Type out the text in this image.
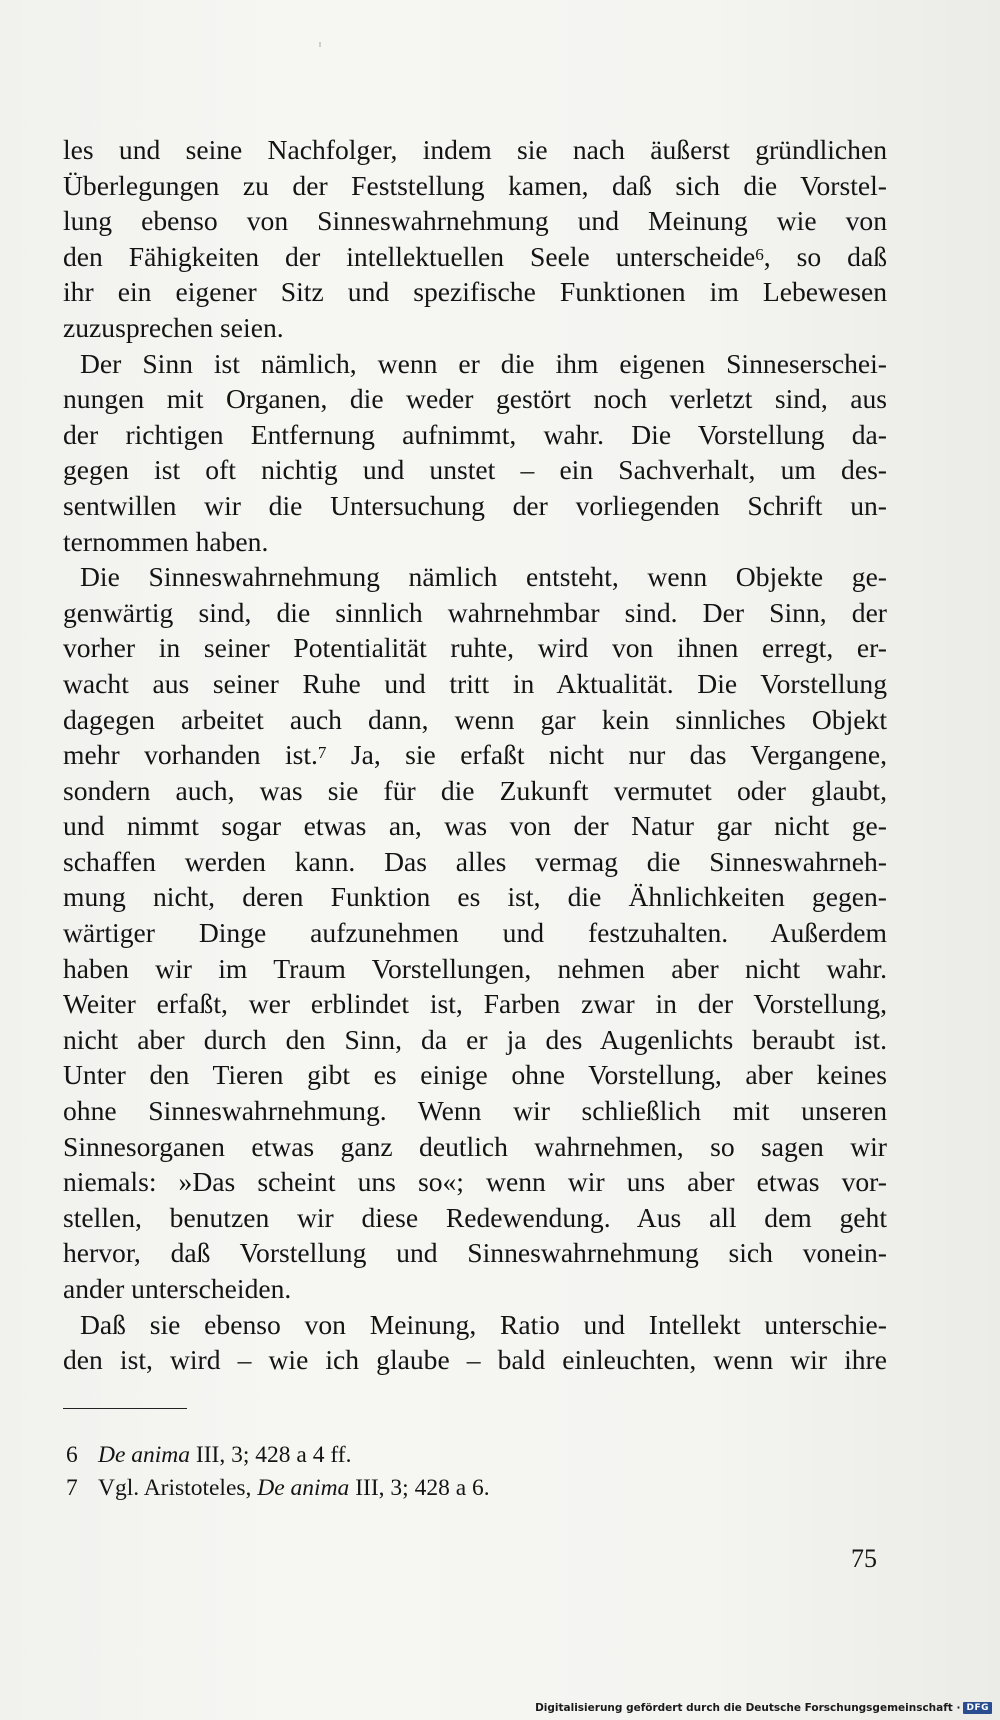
les und seine Nachfolger, indem sie nach äußerst gründlichen
Überlegungen zu der Feststellung kamen, daß sich die Vorstel-
lung ebenso von Sinneswahrnehmung und Meinung wie von
den Fähigkeiten der intellektuellen Seele unterscheide$^6$, so daß
ihr ein eigener Sitz und spezifische Funktionen im Lebewesen
zuzusprechen seien.

Der Sinn ist nämlich, wenn er die ihm eigenen Sinneserschei-
nungen mit Organen, die weder gestört noch verletzt sind, aus
der richtigen Entfernung aufnimmt, wahr. Die Vorstellung da-
gegen ist oft nichtig und unstet – ein Sachverhalt, um des-
sentwillen wir die Untersuchung der vorliegenden Schrift un-
ternommen haben.

Die Sinneswahrnehmung nämlich entsteht, wenn Objekte ge-
genwärtig sind, die sinnlich wahrnehmbar sind. Der Sinn, der
vorher in seiner Potentialität ruhte, wird von ihnen erregt, er-
wacht aus seiner Ruhe und tritt in Aktualität. Die Vorstellung
dagegen arbeitet auch dann, wenn gar kein sinnliches Objekt
mehr vorhanden ist.$^7$ Ja, sie erfaßt nicht nur das Vergangene,
sondern auch, was sie für die Zukunft vermutet oder glaubt,
und nimmt sogar etwas an, was von der Natur gar nicht ge-
schaffen werden kann. Das alles vermag die Sinneswahrneh-
mung nicht, deren Funktion es ist, die Ähnlichkeiten gegen-
wärtiger Dinge aufzunehmen und festzuhalten. Außerdem
haben wir im Traum Vorstellungen, nehmen aber nicht wahr.
Weiter erfaßt, wer erblindet ist, Farben zwar in der Vorstellung,
nicht aber durch den Sinn, da er ja des Augenlichts beraubt ist.
Unter den Tieren gibt es einige ohne Vorstellung, aber keines
ohne Sinneswahrnehmung. Wenn wir schließlich mit unseren
Sinnesorganen etwas ganz deutlich wahrnehmen, so sagen wir
niemals: »Das scheint uns so«; wenn wir uns aber etwas vor-
stellen, benutzen wir diese Redewendung. Aus all dem geht
hervor, daß Vorstellung und Sinneswahrnehmung sich vonein-
ander unterscheiden.

Daß sie ebenso von Meinung, Ratio und Intellekt unterschie-
den ist, wird – wie ich glaube – bald einleuchten, wenn wir ihre

6 De anima III, 3; 428 a 4 ff.
7 Vgl. Aristoteles, De anima III, 3; 428 a 6.
75
Digitalisierung gefördert durch die Deutsche Forschungsgemeinschaft · DFG
